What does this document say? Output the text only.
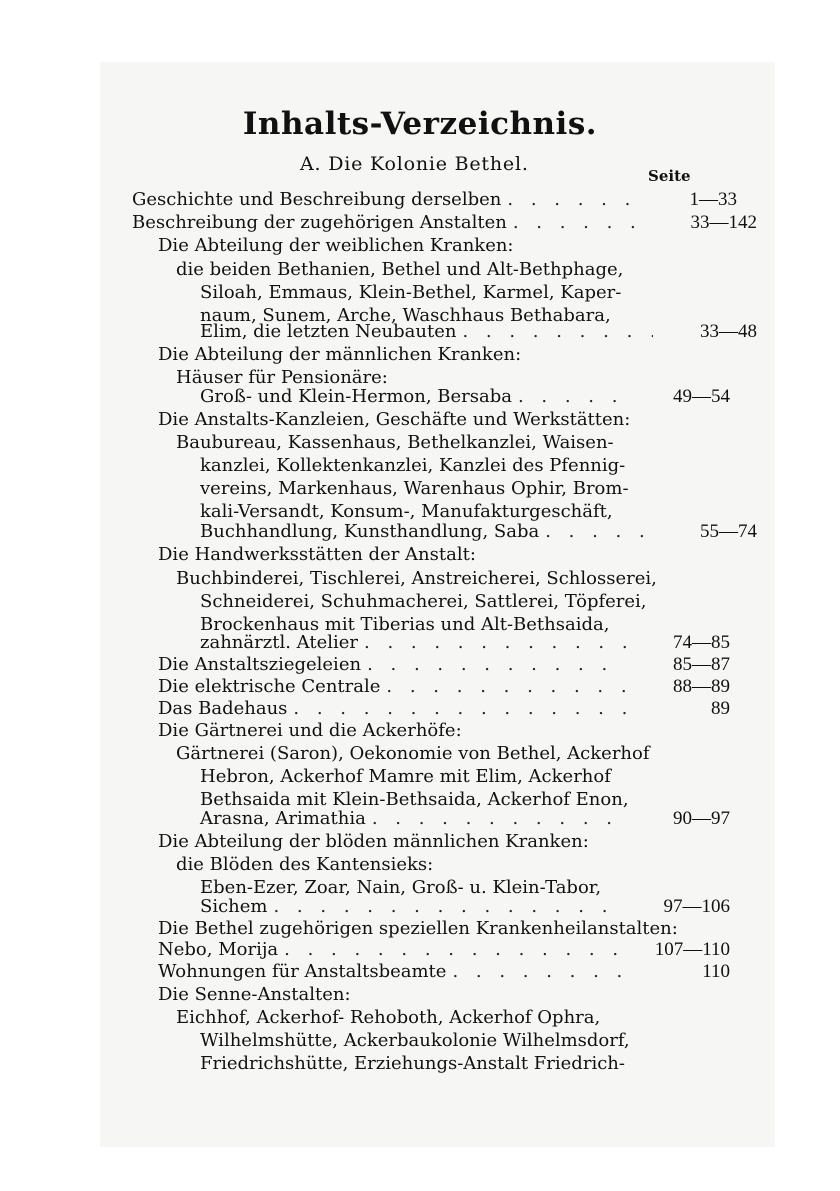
Inhalts-Verzeichnis.
A. Die Kolonie Bethel.
Seite
Geschichte und Beschreibung derselben . . .	1—33
Beschreibung der zugehörigen Anstalten . . .	33—142
Die Abteilung der weiblichen Kranken:
die beiden Bethanien, Bethel und Alt-Bethphage,
Siloah, Emmaus, Klein-Bethel, Karmel, Kaper-
naum, Sunem, Arche, Waschhaus Bethabara,
Elim, die letzten Neubauten . . .	33—48
Die Abteilung der männlichen Kranken:
Häuser für Pensionäre:
Groß- und Klein-Hermon, Bersaba . . .	49—54
Die Anstalts-Kanzleien, Geschäfte und Werkstätten:
Baubureau, Kassenhaus, Bethelkanzlei, Waisen-
kanzlei, Kollektenkanzlei, Kanzlei des Pfennig-
vereins, Markenhaus, Warenhaus Ophir, Brom-
kali-Versandt, Konsum-, Manufakturgeschäft,
Buchhandlung, Kunsthandlung, Saba . . .	55—74
Die Handwerksstätten der Anstalt:
Buchbinderei, Tischlerei, Anstreicherei, Schlosserei,
Schneiderei, Schuhmacherei, Sattlerei, Töpferei,
Brockenhaus mit Tiberias und Alt-Bethsaida,
zahnärztl. Atelier . . .	74—85
Die Anstaltsziegeleien . . .	85—87
Die elektrische Centrale . . .	88—89
Das Badehaus . . .	89
Die Gärtnerei und die Ackerhöfe:
Gärtnerei (Saron), Oekonomie von Bethel, Ackerhof
Hebron, Ackerhof Mamre mit Elim, Ackerhof
Bethsaida mit Klein-Bethsaida, Ackerhof Enon,
Arasna, Arimathia . . .	90—97
Die Abteilung der blöden männlichen Kranken:
die Blöden des Kantensieks:
Eben-Ezer, Zoar, Nain, Groß- u. Klein-Tabor,
Sichem . . .	97—106
Die Bethel zugehörigen speziellen Krankenheilanstalten:
Nebo, Morija . . .	107—110
Wohnungen für Anstaltsbeamte . . .	110
Die Senne-Anstalten:
Eichhof, Ackerhof- Rehoboth, Ackerhof Ophra,
Wilhelmshütte, Ackerbaukolonie Wilhelmsdorf,
Friedrichshütte, Erziehungs-Anstalt Friedrich-
